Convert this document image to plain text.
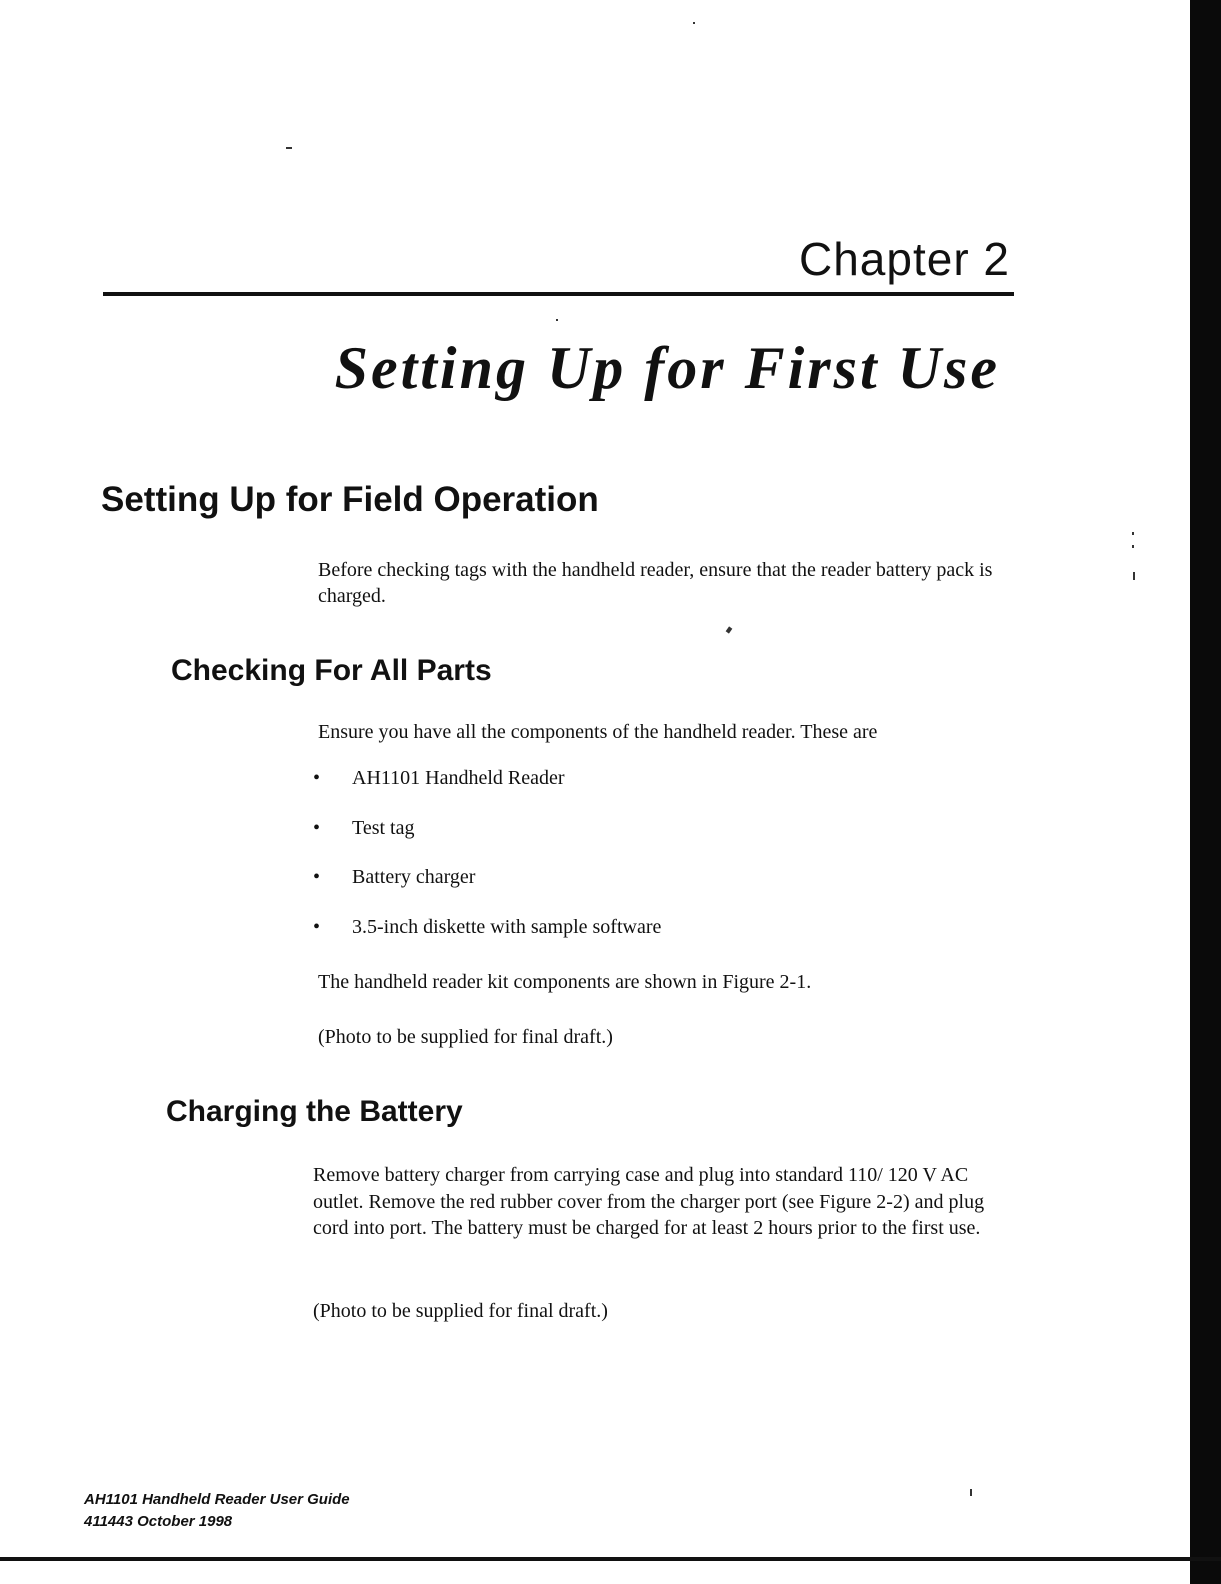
Chapter 2
Setting Up for First Use
Setting Up for Field Operation

Before checking tags with the handheld reader, ensure that the reader battery pack is charged.

Checking For All Parts

Ensure you have all the components of the handheld reader. These are

•	AH1101 Handheld Reader
•	Test tag
•	Battery charger
•	3.5-inch diskette with sample software

The handheld reader kit components are shown in Figure 2-1.

(Photo to be supplied for final draft.)

Charging the Battery

Remove battery charger from carrying case and plug into standard 110/ 120 V AC outlet. Remove the red rubber cover from the charger port (see Figure 2-2) and plug cord into port. The battery must be charged for at least 2 hours prior to the first use.

(Photo to be supplied for final draft.)

AH1101 Handheld Reader User Guide
411443 October 1998
